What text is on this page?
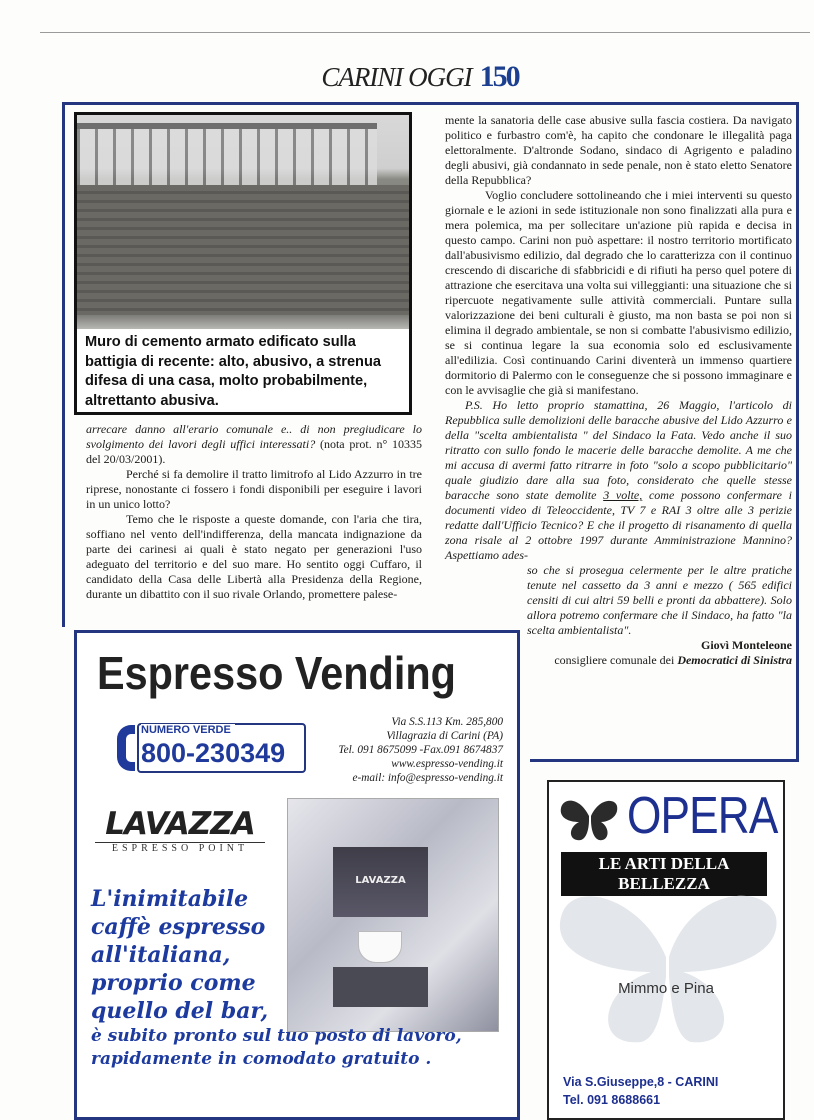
CARINI OGGI 150
Muro di cemento armato edificato sulla battigia di recente: alto, abusivo, a strenua difesa di una casa, molto probabilmente, altrettanto abusiva.

arrecare danno all'erario comunale e.. di non pregiudicare lo svolgimento dei lavori degli uffici interessati? (nota prot. n° 10335 del 20/03/2001).

Perché si fa demolire il tratto limitrofo al Lido Azzurro in tre riprese, nonostante ci fossero i fondi disponibili per eseguire i lavori in un unico lotto?

Temo che le risposte a queste domande, con l'aria che tira, soffiano nel vento dell'indifferenza, della mancata indignazione da parte dei carinesi ai quali è stato negato per generazioni l'uso adeguato del territorio e del suo mare. Ho sentito oggi Cuffaro, il candidato della Casa delle Libertà alla Presidenza della Regione, durante un dibattito con il suo rivale Orlando, promettere palese-

mente la sanatoria delle case abusive sulla fascia costiera. Da navigato politico e furbastro com'è, ha capito che condonare le illegalità paga elettoralmente. D'altronde Sodano, sindaco di Agrigento e paladino degli abusivi, già condannato in sede penale, non è stato eletto Senatore della Repubblica?

Voglio concludere sottolineando che i miei interventi su questo giornale e le azioni in sede istituzionale non sono finalizzati alla pura e mera polemica, ma per sollecitare un'azione più rapida e decisa in questo campo. Carini non può aspettare: il nostro territorio mortificato dall'abusivismo edilizio, dal degrado che lo caratterizza con il continuo crescendo di discariche di sfabbricidi e di rifiuti ha perso quel potere di attrazione che esercitava una volta sui villeggianti: una situazione che si ripercuote negativamente sulle attività commerciali. Puntare sulla valorizzazione dei beni culturali è giusto, ma non basta se poi non si elimina il degrado ambientale, se non si combatte l'abusivismo edilizio, se si continua legare la sua economia solo ed esclusivamente all'edilizia. Così continuando Carini diventerà un immenso quartiere dormitorio di Palermo con le conseguenze che si possono immaginare e con le avvisaglie che già si manifestano.

P.S. Ho letto proprio stamattina, 26 Maggio, l'articolo di Repubblica sulle demolizioni delle baracche abusive del Lido Azzurro e della "scelta ambientalista " del Sindaco la Fata. Vedo anche il suo ritratto con sullo fondo le macerie delle baracche demolite. A me che mi accusa di avermi fatto ritrarre in foto "solo a scopo pubblicitario" quale giudizio dare alla sua foto, considerato che quelle stesse baracche sono state demolite 3 volte, come possono confermare i documenti video di Teleoccidente, TV 7 e RAI 3 oltre alle 3 perizie redatte dall'Ufficio Tecnico? E che il progetto di risanamento di quella zona risale al 2 ottobre 1997 durante Amministrazione Mannino? Aspettiamo ades-

so che si prosegua celermente per le altre pratiche tenute nel cassetto da 3 anni e mezzo ( 565 edifici censiti di cui altri 59 belli e pronti da abbattere). Solo allora potremo confermare che il Sindaco, ha fatto "la scelta ambientalista".

Giovì Monteleone

consigliere comunale dei Democratici di Sinistra

Espresso Vending
NUMERO VERDE
800-230349
Via S.S.113 Km. 285,800
Villagrazia di Carini (PA)
Tel. 091 8675099 -Fax.091 8674837
www.espresso-vending.it
e-mail: info@espresso-vending.it
LAVAZZA
ESPRESSO POINT
LAVAZZA
L'inimitabile
caffè espresso
all'italiana,
proprio come
quello del bar,
è subito pronto sul tuo posto di lavoro,
rapidamente in comodato gratuito .
OPERA
LE ARTI DELLA BELLEZZA
Mimmo e Pina
Via S.Giuseppe,8 - CARINI
Tel. 091 8688661
